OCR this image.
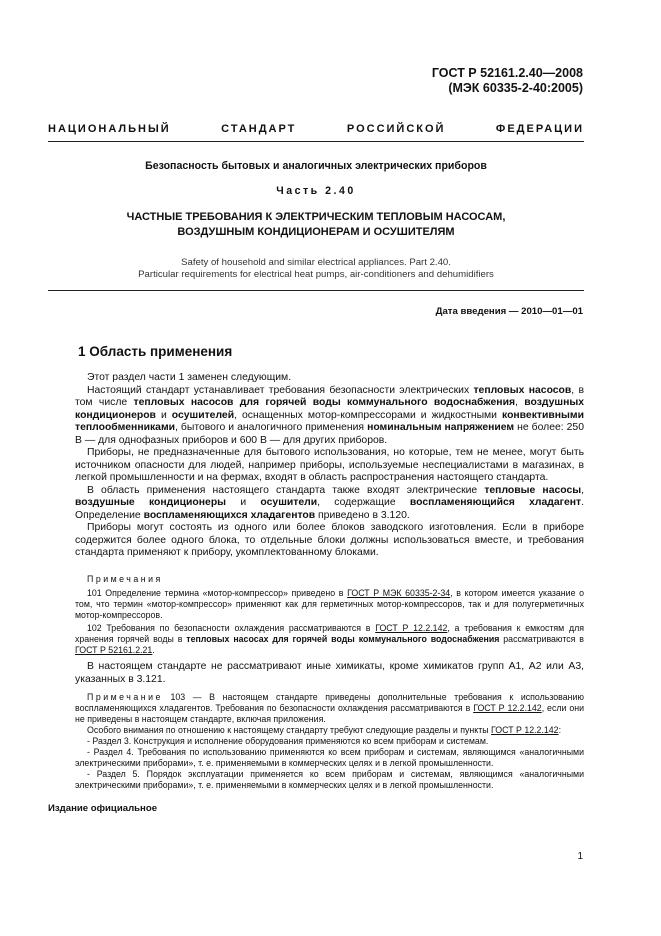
ГОСТ Р 52161.2.40—2008
(МЭК 60335-2-40:2005)
НАЦИОНАЛЬНЫЙ СТАНДАРТ РОССИЙСКОЙ ФЕДЕРАЦИИ
Безопасность бытовых и аналогичных электрических приборов
Часть 2.40
ЧАСТНЫЕ ТРЕБОВАНИЯ К ЭЛЕКТРИЧЕСКИМ ТЕПЛОВЫМ НАСОСАМ,
ВОЗДУШНЫМ КОНДИЦИОНЕРАМ И ОСУШИТЕЛЯМ
Safety of household and similar electrical appliances. Part 2.40.
Particular requirements for electrical heat pumps, air-conditioners and dehumidifiers
Дата введения — 2010—01—01
1 Область применения

Этот раздел части 1 заменен следующим.

Настоящий стандарт устанавливает требования безопасности электрических тепловых насосов, в том числе тепловых насосов для горячей воды коммунального водоснабжения, воздушных кондиционеров и осушителей, оснащенных мотор-компрессорами и жидкостными конвективными теплообменниками, бытового и аналогичного применения номинальным напряжением не более: 250 В — для однофазных приборов и 600 В — для других приборов.

Приборы, не предназначенные для бытового использования, но которые, тем не менее, могут быть источником опасности для людей, например приборы, используемые неспециалистами в магазинах, в легкой промышленности и на фермах, входят в область распространения настоящего стандарта.

В область применения настоящего стандарта также входят электрические тепловые насосы, воздушные кондиционеры и осушители, содержащие воспламеняющийся хладагент. Определение воспламеняющихся хладагентов приведено в 3.120.

Приборы могут состоять из одного или более блоков заводского изготовления. Если в приборе содержится более одного блока, то отдельные блоки должны использоваться вместе, и требования стандарта применяют к прибору, укомплектованному блоками.

Примечания

101 Определение термина «мотор-компрессор» приведено в ГОСТ Р МЭК 60335-2-34, в котором имеется указание о том, что термин «мотор-компрессор» применяют как для герметичных мотор-компрессоров, так и для полугерметичных мотор-компрессоров.

102 Требования по безопасности охлаждения рассматриваются в ГОСТ Р 12.2.142, а требования к емкостям для хранения горячей воды в тепловых насосах для горячей воды коммунального водоснабжения рассматриваются в ГОСТ Р 52161.2.21.

В настоящем стандарте не рассматривают иные химикаты, кроме химикатов групп А1, А2 или А3, указанных в 3.121.

Примечание 103 — В настоящем стандарте приведены дополнительные требования к использованию воспламеняющихся хладагентов. Требования по безопасности охлаждения рассматриваются в ГОСТ Р 12.2.142, если они не приведены в настоящем стандарте, включая приложения.

Особого внимания по отношению к настоящему стандарту требуют следующие разделы и пункты ГОСТ Р 12.2.142:

- Раздел 3. Конструкция и исполнение оборудования применяются ко всем приборам и системам.

- Раздел 4. Требования по использованию применяются ко всем приборам и системам, являющимся «аналогичными электрическими приборами», т. е. применяемыми в коммерческих целях и в легкой промышленности.

- Раздел 5. Порядок эксплуатации применяется ко всем приборам и системам, являющимся «аналогичными электрическими приборами», т. е. применяемыми в коммерческих целях и в легкой промышленности.

Издание официальное
1
